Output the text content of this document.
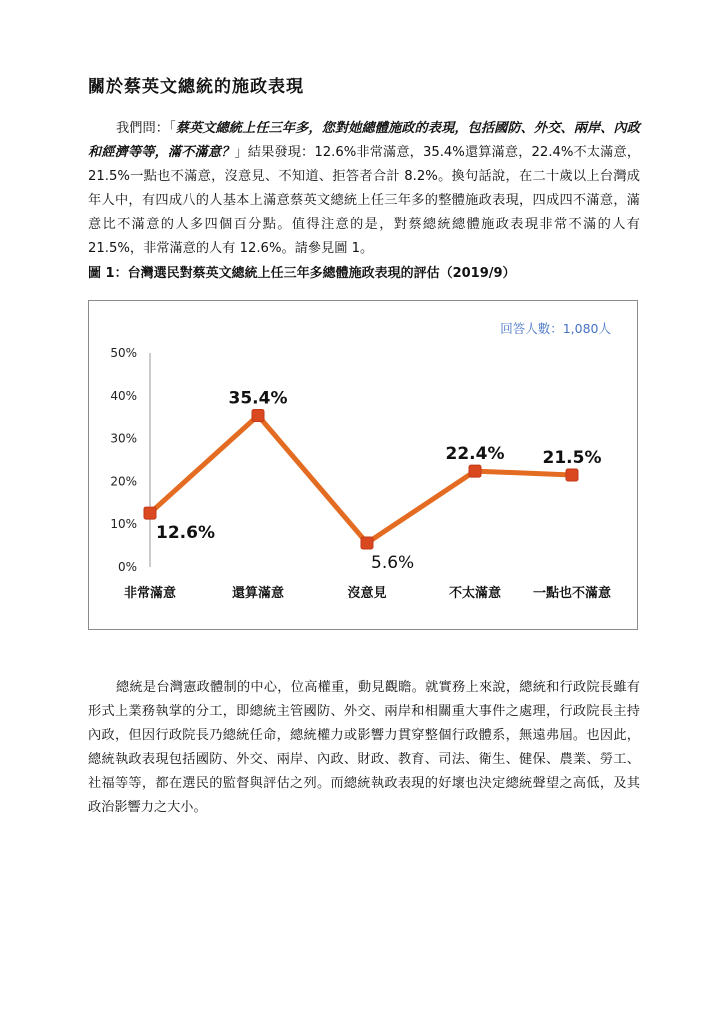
關於蔡英文總統的施政表現
我們問：「蔡英文總統上任三年多，您對她總體施政的表現，包括國防、外交、兩岸、內政和經濟等等，滿不滿意？」結果發現：12.6%非常滿意，35.4%還算滿意，22.4%不太滿意，21.5%一點也不滿意，沒意見、不知道、拒答者合計 8.2%。換句話說，在二十歲以上台灣成年人中，有四成八的人基本上滿意蔡英文總統上任三年多的整體施政表現，四成四不滿意，滿意比不滿意的人多四個百分點。值得注意的是，對蔡總統總體施政表現非常不滿的人有 21.5%，非常滿意的人有 12.6%。請參見圖 1。
圖 1：台灣選民對蔡英文總統上任三年多總體施政表現的評估（2019/9）
回答人數：1,080人
0%
10%
20%
30%
40%
50%
非常滿意	還算滿意	沒意見	不太滿意 一點也不滿意
12.6%
35.4%
5.6%
22.4% 21.5%
總統是台灣憲政體制的中心，位高權重，動見觀瞻。就實務上來說，總統和行政院長雖有形式上業務執掌的分工，即總統主管國防、外交、兩岸和相關重大事件之處理，行政院長主持內政，但因行政院長乃總統任命，總統權力或影響力貫穿整個行政體系，無遠弗屆。也因此，總統執政表現包括國防、外交、兩岸、內政、財政、教育、司法、衛生、健保、農業、勞工、社福等等，都在選民的監督與評估之列。而總統執政表現的好壞也決定總統聲望之高低，及其政治影響力之大小。
